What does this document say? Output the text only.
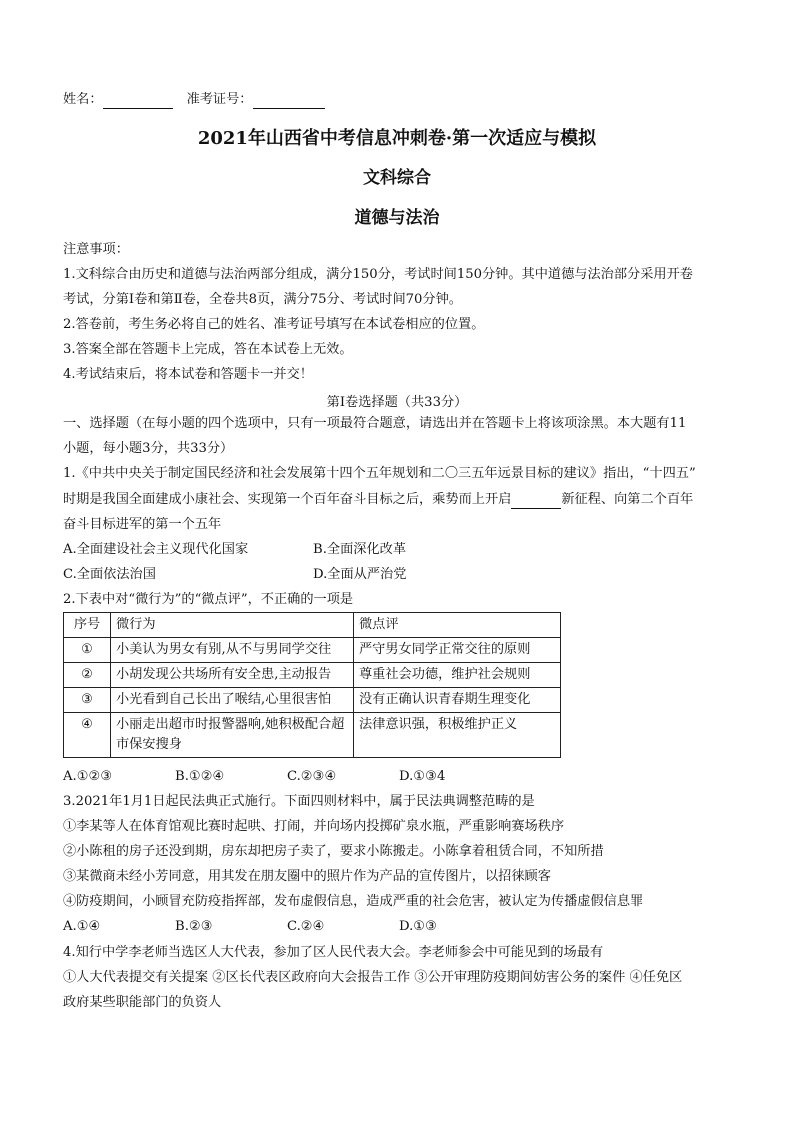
姓名：	准考证号：
2021年山西省中考信息冲刺卷·第一次适应与模拟
文科综合
道德与法治
注意事项：
1.文科综合由历史和道德与法治两部分组成，满分150分，考试时间150分钟。其中道德与法治部分采用开卷
考试，分第Ⅰ卷和第Ⅱ卷，全卷共8页，满分75分、考试时间70分钟。
2.答卷前，考生务必将自己的姓名、准考证号填写在本试卷相应的位置。
3.答案全部在答题卡上完成，答在本试卷上无效。
4.考试结束后，将本试卷和答题卡一并交！
第Ⅰ卷选择题（共33分）
一、选择题（在每小题的四个选项中，只有一项最符合题意，请选出并在答题卡上将该项涂黑。本大题有11
小题，每小题3分，共33分）
1.《中共中央关于制定国民经济和社会发展第十四个五年规划和二〇三五年远景目标的建议》指出，“十四五”
时期是我国全面建成小康社会、实现第一个百年奋斗目标之后，乘势而上开启	新征程、向第二个百年
奋斗目标进军的第一个五年
A.全面建设社会主义现代化国家	B.全面深化改革
C.全面依法治国	D.全面从严治党
2.下表中对“微行为”的“微点评”，不正确的一项是
序号	微行为	微点评
①	小美认为男女有别,从不与男同学交往	严守男女同学正常交往的原则
②	小胡发现公共场所有安全患,主动报告	尊重社会功德，维护社会规则
③	小光看到自己长出了喉结,心里很害怕	没有正确认识青春期生理变化
④	小丽走出超市时报警器响,她积极配合超市保安搜身	法律意识强，积极维护正义
A.①②③	B.①②④	C.②③④	D.①③4
3.2021年1月1日起民法典正式施行。下面四则材料中，属于民法典调整范畴的是
①李某等人在体育馆观比赛时起哄、打闹，并向场内投掷矿泉水瓶，严重影响赛场秩序
②小陈租的房子还没到期，房东却把房子卖了，要求小陈搬走。小陈拿着租赁合同，不知所措
③某微商未经小芳同意，用其发在朋友圈中的照片作为产品的宣传图片，以招徕顾客
④防疫期间，小顾冒充防疫指挥部，发布虚假信息，造成严重的社会危害，被认定为传播虚假信息罪
A.①④	B.②③	C.②④	D.①③
4.知行中学李老师当选区人大代表，参加了区人民代表大会。李老师参会中可能见到的场最有
①人大代表提交有关提案 ②区长代表区政府向大会报告工作 ③公开审理防疫期间妨害公务的案件 ④任免区
政府某些职能部门的负资人
